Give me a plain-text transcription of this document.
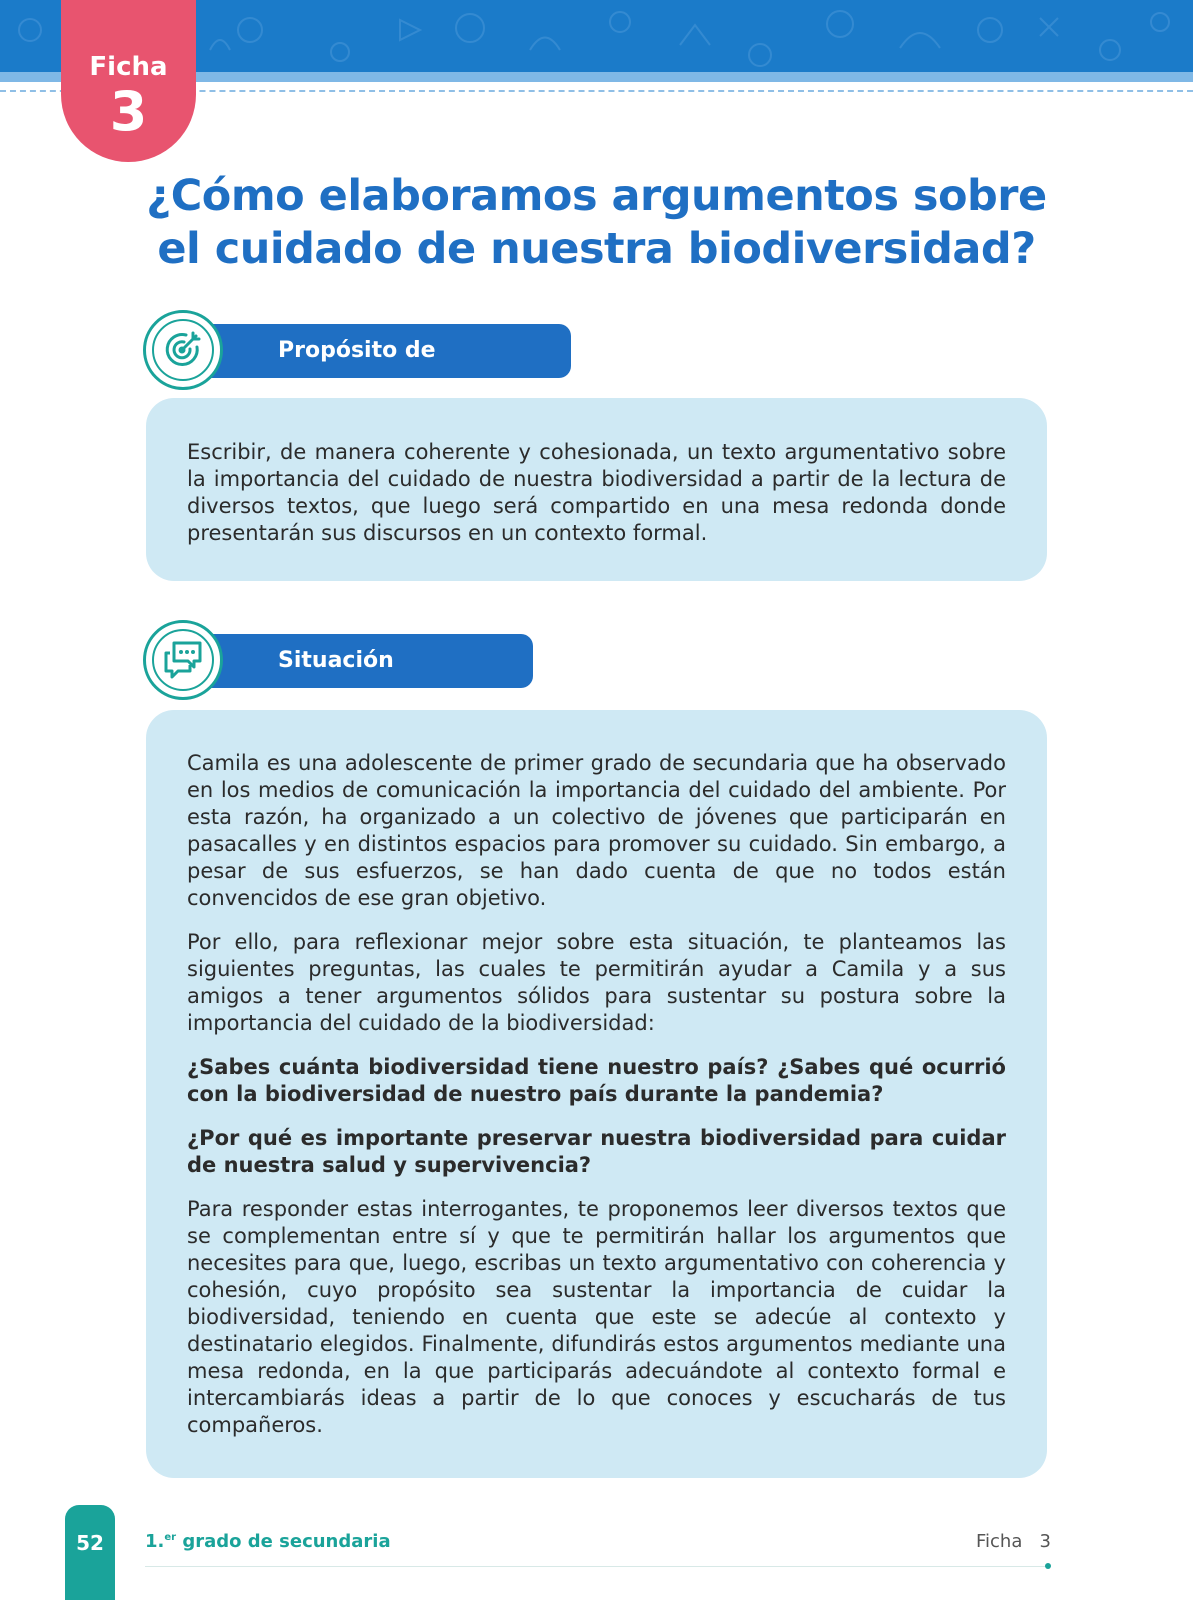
Ficha
3
¿Cómo elaboramos argumentos sobre
el cuidado de nuestra biodiversidad?
Propósito de

Escribir, de manera coherente y cohesionada, un texto argumentativo sobre la importancia del cuidado de nuestra biodiversidad a partir de la lectura de diversos textos, que luego será compartido en una mesa redonda donde presentarán sus discursos en un contexto formal.

Situación

Camila es una adolescente de primer grado de secundaria que ha observado en los medios de comunicación la importancia del cuidado del ambiente. Por esta razón, ha organizado a un colectivo de jóvenes que participarán en pasacalles y en distintos espacios para promover su cuidado. Sin embargo, a pesar de sus esfuerzos, se han dado cuenta de que no todos están convencidos de ese gran objetivo.

Por ello, para reflexionar mejor sobre esta situación, te planteamos las siguientes preguntas, las cuales te permitirán ayudar a Camila y a sus amigos a tener argumentos sólidos para sustentar su postura sobre la importancia del cuidado de la biodiversidad:

¿Sabes cuánta biodiversidad tiene nuestro país? ¿Sabes qué ocurrió con la biodiversidad de nuestro país durante la pandemia?

¿Por qué es importante preservar nuestra biodiversidad para cuidar de nuestra salud y supervivencia?

Para responder estas interrogantes, te proponemos leer diversos textos que se complementan entre sí y que te permitirán hallar los argumentos que necesites para que, luego, escribas un texto argumentativo con coherencia y cohesión, cuyo propósito sea sustentar la importancia de cuidar la biodiversidad, teniendo en cuenta que este se adecúe al contexto y destinatario elegidos. Finalmente, difundirás estos argumentos mediante una mesa redonda, en la que participarás adecuándote al contexto formal e intercambiarás ideas a partir de lo que conoces y escucharás de tus compañeros.

52	1.$^{er}$ grado de secundaria	Ficha 3
